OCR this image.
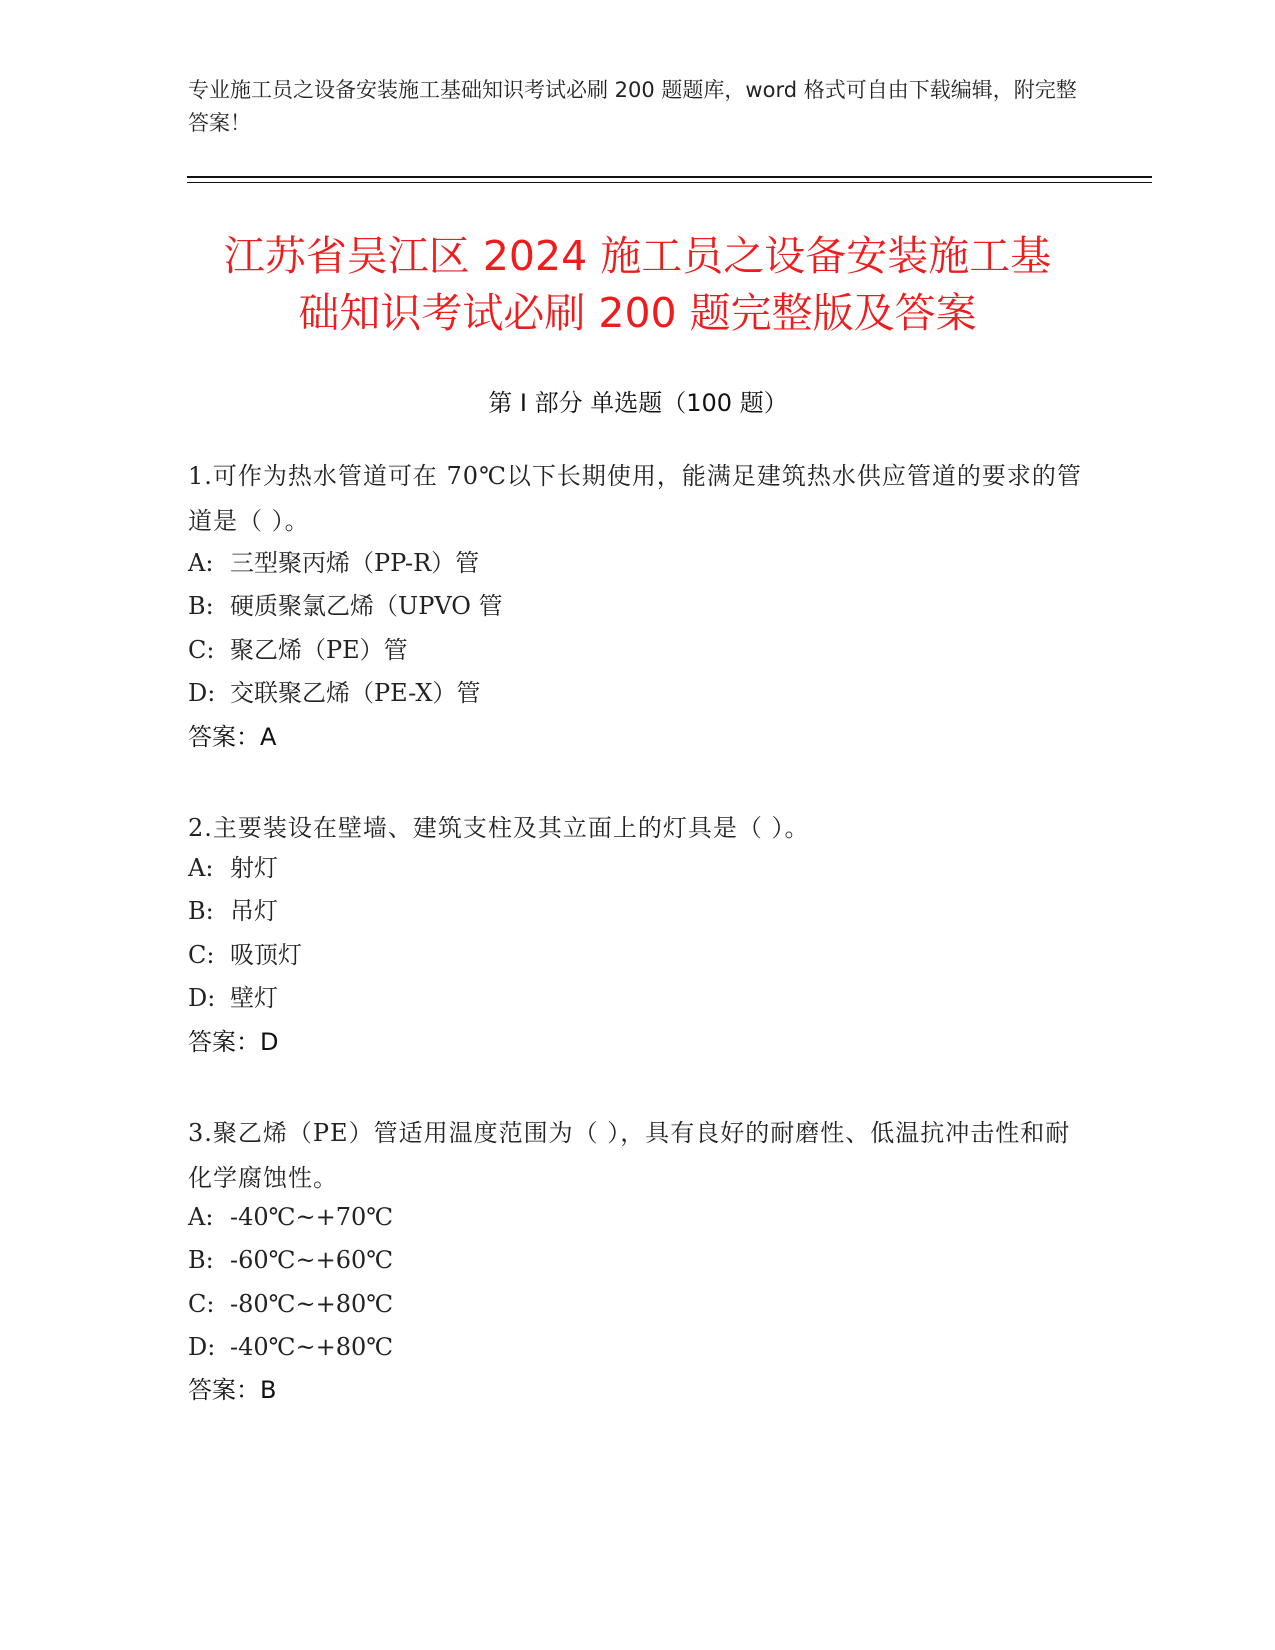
专业施工员之设备安装施工基础知识考试必刷 200 题题库，word 格式可自由下载编辑，附完整答案！
江苏省吴江区 2024 施工员之设备安装施工基
础知识考试必刷 200 题完整版及答案
第 I 部分 单选题（100 题）
1.可作为热水管道可在 70℃以下长期使用，能满足建筑热水供应管道的要求的管道是（ ）。
A: 三型聚丙烯（PP-R）管
B: 硬质聚氯乙烯（UPVO 管
C: 聚乙烯（PE）管
D: 交联聚乙烯（PE-X）管
答案：A
2.主要装设在壁墙、建筑支柱及其立面上的灯具是（ ）。
A: 射灯
B: 吊灯
C: 吸顶灯
D: 壁灯
答案：D
3.聚乙烯（PE）管适用温度范围为（ ），具有良好的耐磨性、低温抗冲击性和耐化学腐蚀性。
A: -40℃~+70℃
B: -60℃~+60℃
C: -80℃~+80℃
D: -40℃~+80℃
答案：B
